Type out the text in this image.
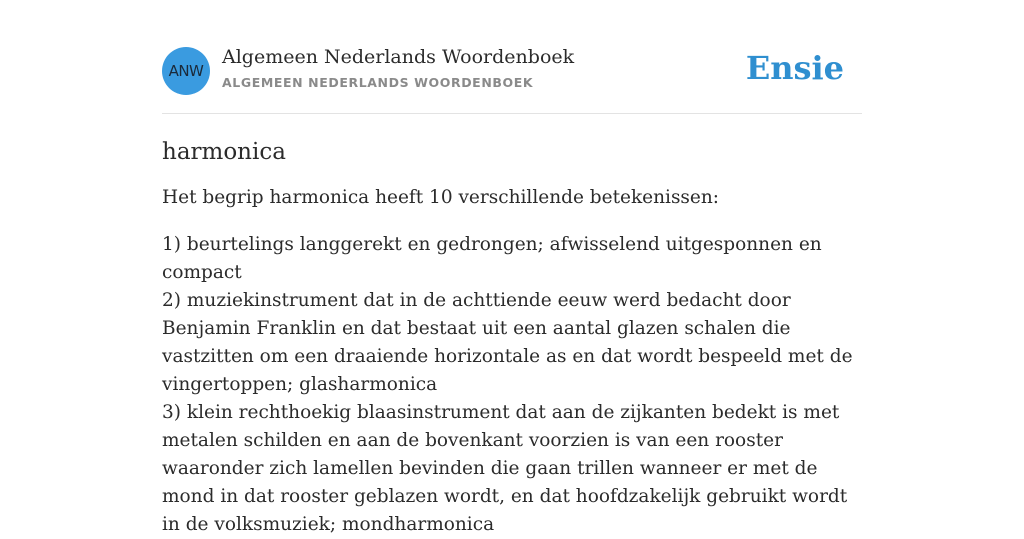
ANW
Algemeen Nederlands Woordenboek
ALGEMEEN NEDERLANDS WOORDENBOEK	Ensie
harmonica

Het begrip harmonica heeft 10 verschillende betekenissen:

1) beurtelings langgerekt en gedrongen; afwisselend uitgesponnen en compact
2) muziekinstrument dat in de achttiende eeuw werd bedacht door Benjamin Franklin en dat bestaat uit een aantal glazen schalen die vastzitten om een draaiende horizontale as en dat wordt bespeeld met de vingertoppen; glasharmonica
3) klein rechthoekig blaasinstrument dat aan de zijkanten bedekt is met metalen schilden en aan de bovenkant voorzien is van een rooster waaronder zich lamellen bevinden die gaan trillen wanneer er met de mond in dat rooster geblazen wordt, en dat hoofdzakelijk gebruikt wordt in de volksmuziek; mondharmonica
